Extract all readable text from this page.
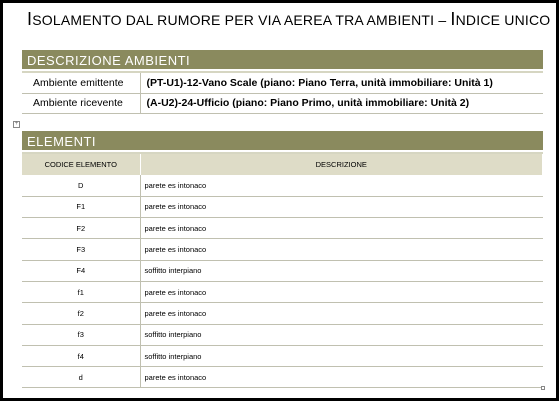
ISOLAMENTO DAL RUMORE PER VIA AEREA TRA AMBIENTI – INDICE UNICO
DESCRIZIONE AMBIENTI
Ambiente emittente	(PT-U1)-12-Vano Scale (piano: Piano Terra, unità immobiliare: Unità 1)
Ambiente ricevente	(A-U2)-24-Ufficio (piano: Piano Primo, unità immobiliare: Unità 2)
+
ELEMENTI
CODICE ELEMENTO	DESCRIZIONE
D	parete es intonaco
F1	parete es intonaco
F2	parete es intonaco
F3	parete es intonaco
F4	soffitto interpiano
f1	parete es intonaco
f2	parete es intonaco
f3	soffitto interpiano
f4	soffitto interpiano
d	parete es intonaco
